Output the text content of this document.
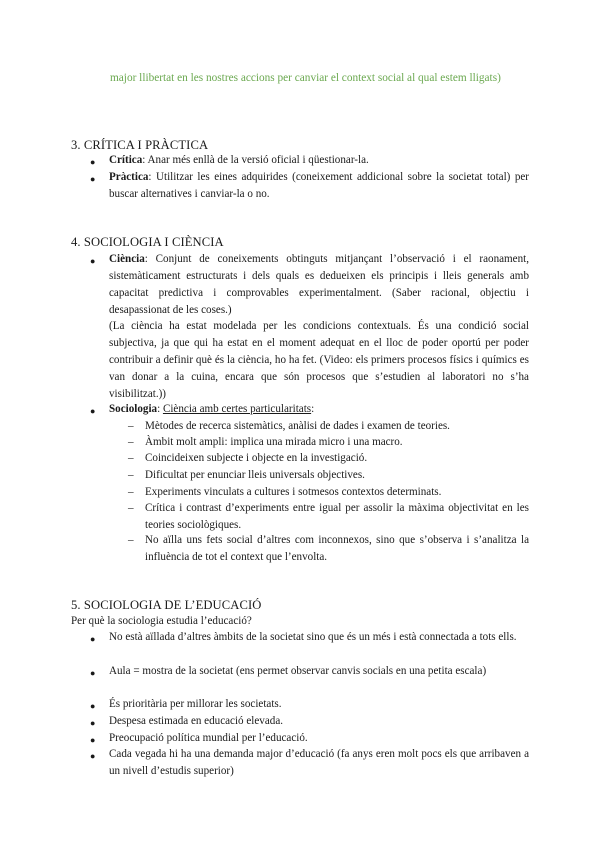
major llibertat en les nostres accions per canviar el context social al qual estem lligats)
3. CRÍTICA I PRÀCTICA
● Crítica: Anar més enllà de la versió oficial i qüestionar-la.
● Pràctica: Utilitzar les eines adquirides (coneixement addicional sobre la societat total) per buscar alternatives i canviar-la o no.
4. SOCIOLOGIA I CIÈNCIA
● Ciència: Conjunt de coneixements obtinguts mitjançant l’observació i el raonament, sistemàticament estructurats i dels quals es dedueixen els principis i lleis generals amb capacitat predictiva i comprovables experimentalment. (Saber racional, objectiu i desapassionat de les coses.)
(La ciència ha estat modelada per les condicions contextuals. És una condició social subjectiva, ja que qui ha estat en el moment adequat en el lloc de poder oportú per poder contribuir a definir què és la ciència, ho ha fet. (Video: els primers procesos físics i químics es van donar a la cuina, encara que són procesos que s’estudien al laboratori no s’ha visibilitzat.))
● Sociologia: Ciència amb certes particularitats:
– Mètodes de recerca sistemàtics, anàlisi de dades i examen de teories.
– Àmbit molt ampli: implica una mirada micro i una macro.
– Coincideixen subjecte i objecte en la investigació.
– Dificultat per enunciar lleis universals objectives.
– Experiments vinculats a cultures i sotmesos contextos determinats.
– Crítica i contrast d’experiments entre igual per assolir la màxima objectivitat en les teories sociològiques.
– No aïlla uns fets social d’altres com inconnexos, sino que s’observa i s’analitza la influència de tot el context que l’envolta.
5. SOCIOLOGIA DE L’EDUCACIÓ
Per què la sociologia estudia l’educació?
● No està aïllada d’altres àmbits de la societat sino que és un més i està connectada a tots ells.
● Aula = mostra de la societat (ens permet observar canvis socials en una petita escala)
● És prioritària per millorar les societats.
● Despesa estimada en educació elevada.
● Preocupació política mundial per l’educació.
● Cada vegada hi ha una demanda major d’educació (fa anys eren molt pocs els que arribaven a un nivell d’estudis superior)
